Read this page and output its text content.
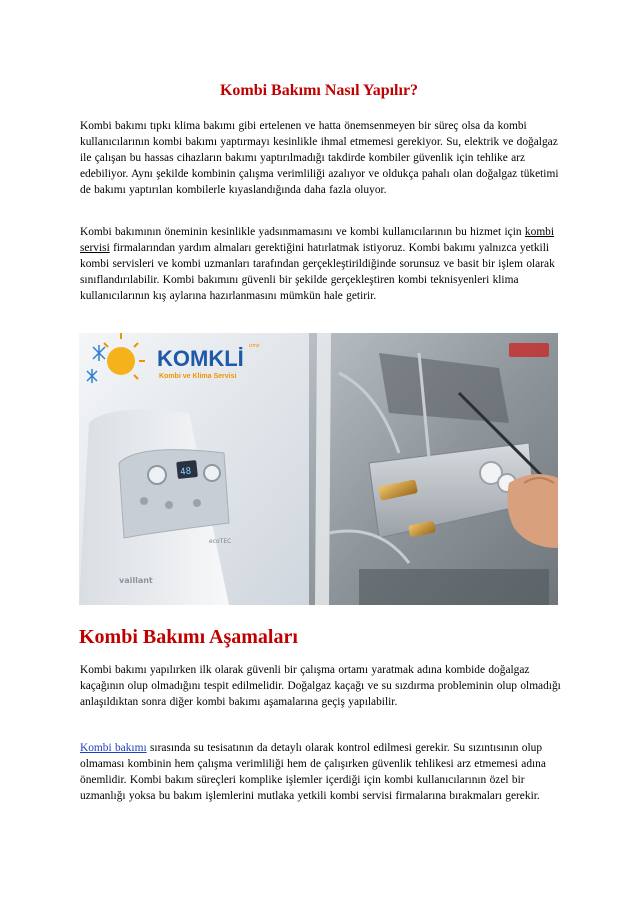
Kombi Bakımı Nasıl Yapılır?

Kombi bakımı tıpkı klima bakımı gibi ertelenen ve hatta önemsenmeyen bir süreç olsa da kombi kullanıcılarının kombi bakımı yaptırmayı kesinlikle ihmal etmemesi gerekiyor. Su, elektrik ve doğalgaz ile çalışan bu hassas cihazların bakımı yaptırılmadığı takdirde kombiler güvenlik için tehlike arz edebiliyor. Aynı şekilde kombinin çalışma verimliliği azalıyor ve oldukça pahalı olan doğalgaz tüketimi de bakımı yaptırılan kombilerle kıyaslandığında daha fazla oluyor.

Kombi bakımının öneminin kesinlikle yadsınmamasını ve kombi kullanıcılarının bu hizmet için kombi servisi firmalarından yardım almaları gerektiğini hatırlatmak istiyoruz. Kombi bakımı yalnızca yetkili kombi servisleri ve kombi uzmanları tarafından gerçekleştirildiğinde sorunsuz ve basit bir işlem olarak sınıflandırılabilir. Kombi bakımını güvenli bir şekilde gerçekleştiren kombi teknisyenleri klima kullanıcılarının kış aylarına hazırlanmasını mümkün hale getirir.

48
vaillant
ecoTEC
KOMKLİ izmir
Kombi ve Klima Servisi
Kombi Bakımı Aşamaları

Kombi bakımı yapılırken ilk olarak güvenli bir çalışma ortamı yaratmak adına kombide doğalgaz kaçağının olup olmadığını tespit edilmelidir. Doğalgaz kaçağı ve su sızdırma probleminin olup olmadığı anlaşıldıktan sonra diğer kombi bakımı aşamalarına geçiş yapılabilir.

Kombi bakımı sırasında su tesisatının da detaylı olarak kontrol edilmesi gerekir. Su sızıntısının olup olmaması kombinin hem çalışma verimliliği hem de çalışırken güvenlik tehlikesi arz etmemesi adına önemlidir. Kombi bakım süreçleri komplike işlemler içerdiği için kombi kullanıcılarının özel bir uzmanlığı yoksa bu bakım işlemlerini mutlaka yetkili kombi servisi firmalarına bırakmaları gerekir.
